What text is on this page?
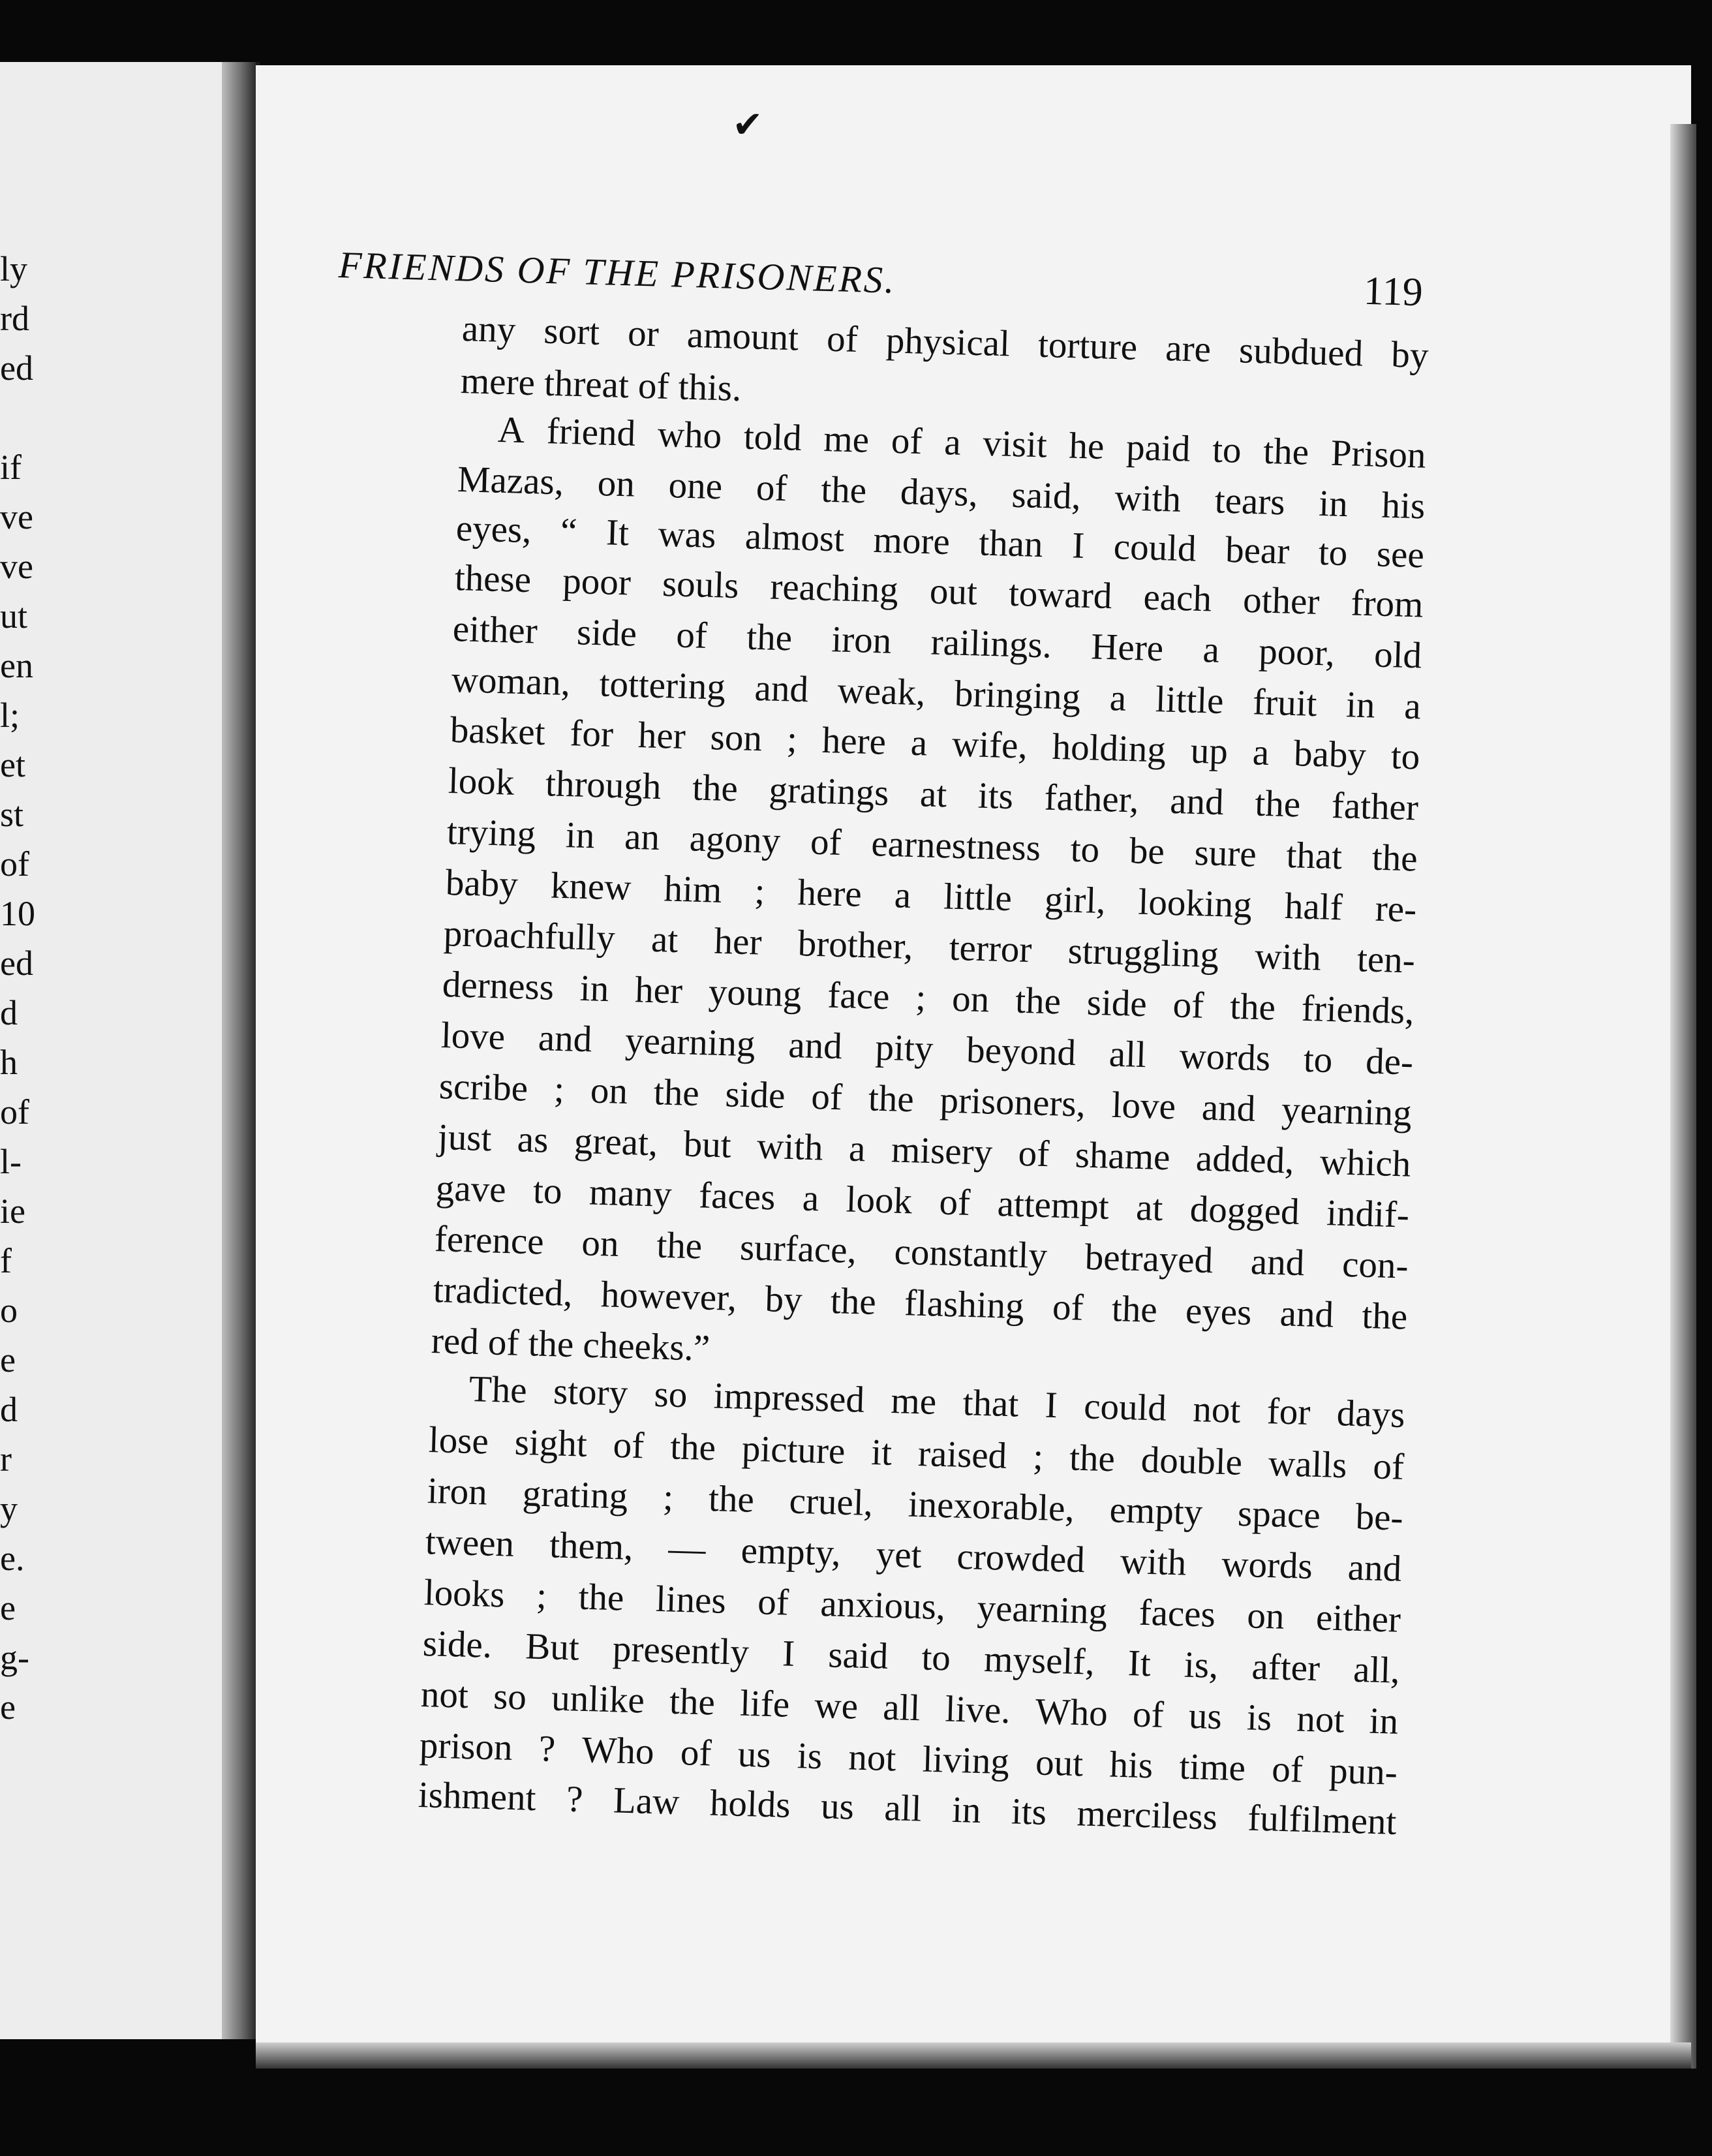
ly
rd
ed
if
ve
ve
ut
en
l;
et
st
of
10
ed
d
h
of
l-
ie
f
o
e
d
r
y
e.
e
g-
e
✔
FRIENDS OF THE PRISONERS.	119
any sort or amount of physical torture are subdued by
mere threat of this.
A friend who told me of a visit he paid to the Prison
Mazas, on one of the days, said, with tears in his
eyes, “ It was almost more than I could bear to see
these poor souls reaching out toward each other from
either side of the iron railings. Here a poor, old
woman, tottering and weak, bringing a little fruit in a
basket for her son ; here a wife, holding up a baby to
look through the gratings at its father, and the father
trying in an agony of earnestness to be sure that the
baby knew him ; here a little girl, looking half re-
proachfully at her brother, terror struggling with ten-
derness in her young face ; on the side of the friends,
love and yearning and pity beyond all words to de-
scribe ; on the side of the prisoners, love and yearning
just as great, but with a misery of shame added, which
gave to many faces a look of attempt at dogged indif-
ference on the surface, constantly betrayed and con-
tradicted, however, by the flashing of the eyes and the
red of the cheeks.”
The story so impressed me that I could not for days
lose sight of the picture it raised ; the double walls of
iron grating ; the cruel, inexorable, empty space be-
tween them, — empty, yet crowded with words and
looks ; the lines of anxious, yearning faces on either
side. But presently I said to myself, It is, after all,
not so unlike the life we all live. Who of us is not in
prison ? Who of us is not living out his time of pun-
ishment ? Law holds us all in its merciless fulfilment
